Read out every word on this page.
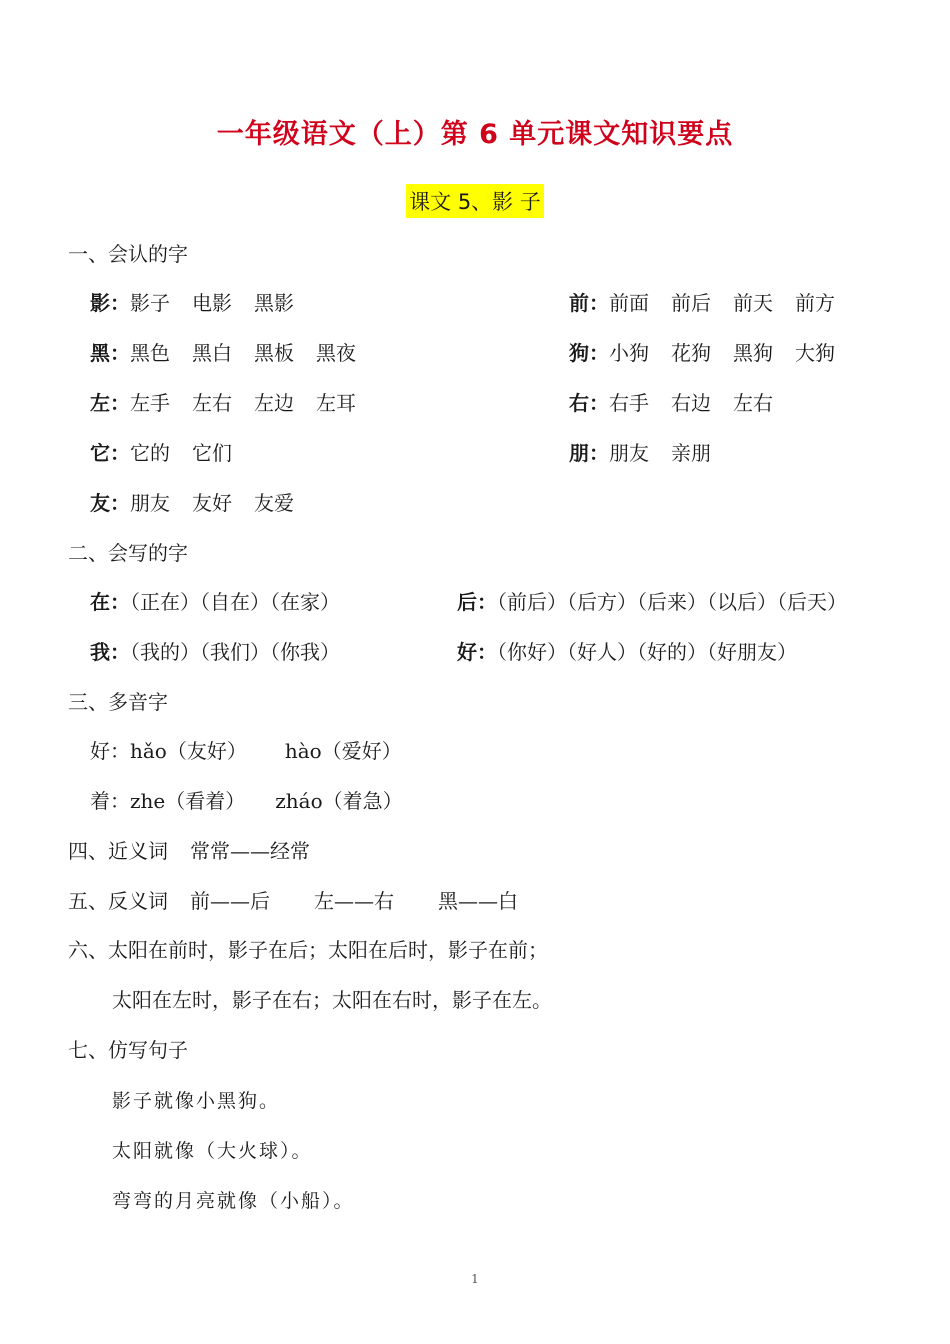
一年级语文（上）第 6 单元课文知识要点
课文 5、影 子
一、会认的字
影：影子 电影 黑影	前：前面 前后 前天 前方
黑：黑色 黑白 黑板 黑夜	狗：小狗 花狗 黑狗 大狗
左：左手 左右 左边 左耳	右：右手 右边 左右
它：它的 它们	朋：朋友 亲朋
友：朋友 友好 友爱
二、会写的字
在：（正在）（自在）（在家）	后：（前后）（后方）（后来）（以后）（后天）
我：（我的）（我们）（你我）	好：（你好）（好人）（好的）（好朋友）
三、多音字
好：hǎo（友好） hào（爱好）
着：zhe（看着） zháo（着急）
四、近义词 常常——经常
五、反义词 前——后 左——右 黑——白
六、太阳在前时，影子在后；太阳在后时，影子在前；
太阳在左时，影子在右；太阳在右时，影子在左。
七、仿写句子
影子就像小黑狗。
太阳就像（大火球）。
弯弯的月亮就像（小船）。
1
